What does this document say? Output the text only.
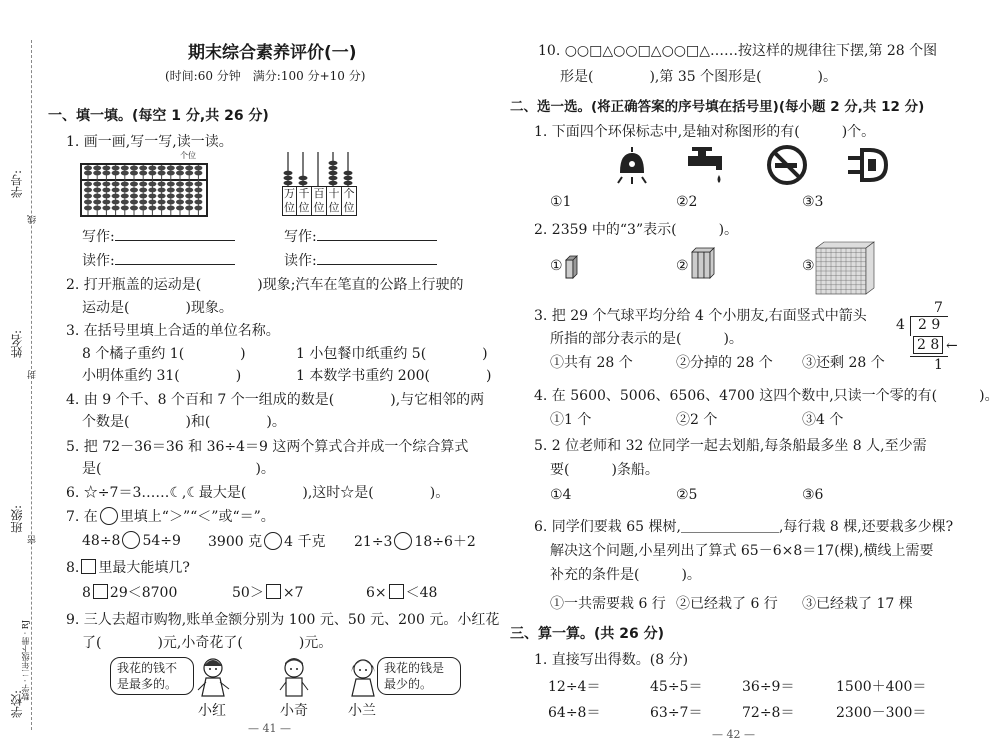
学号:
姓名:
班级:
学校:
线
封
密
数学 · 二年级下册 · RJ
期末综合素养评价(一)
(时间:60 分钟　满分:100 分+10 分)
一、填一填。(每空 1 分,共 26 分)
1. 画一画,写一写,读一读。
个位
万位
千位
百位
十位
个位
写作:
读作:
写作:
读作:
2. 打开瓶盖的运动是(　　　　)现象;汽车在笔直的公路上行驶的
运动是(　　　　)现象。
3. 在括号里填上合适的单位名称。
8 个橘子重约 1(　　　　)	1 小包餐巾纸重约 5(　　　　)
小明体重约 31(　　　　)	1 本数学书重约 200(　　　　)
4. 由 9 个千、8 个百和 7 个一组成的数是(　　　　),与它相邻的两
个数是(　　　　)和(　　　　)。
5. 把 72－36＝36 和 36÷4＝9 这两个算式合并成一个综合算式
是(　　　　　　　　　　　)。
6. ☆÷7＝3……☾,☾最大是(　　　　),这时☆是(　　　　)。
7. 在 里填上“＞”“＜”或“＝”。
48÷8 54÷9 3900 克 4 千克 21÷3 18÷6＋2
8. 里最大能填几?
8 29＜8700	50＞ ×7	6× ＜48
9. 三人去超市购物,账单金额分别为 100 元、50 元、200 元。小红花
了(　　　　)元,小奇花了(　　　　)元。
我花的钱不是最多的。
我花的钱是最少的。
小红	小奇	小兰
— 41 —
10. ○○□△○○□△○○□△……按这样的规律往下摆,第 28 个图
形是(　　　　),第 35 个图形是(　　　　)。
二、选一选。(将正确答案的序号填在括号里)(每小题 2 分,共 12 分)
1. 下面四个环保标志中,是轴对称图形的有(　　　)个。
①1	②2	③3
2. 2359 中的“3”表示(　　　)。
①	②	③
3. 把 29 个气球平均分给 4 个小朋友,右面竖式中箭头
所指的部分表示的是(　　　)。
①共有 28 个	②分掉的 28 个 ③还剩 28 个
7
4 2 9
2 8 ←
1
4. 在 5600、5006、6506、4700 这四个数中,只读一个零的有(　　　)。
①1 个	②2 个	③4 个
5. 2 位老师和 32 位同学一起去划船,每条船最多坐 8 人,至少需
要(　　　)条船。
①4	②5	③6
6. 同学们要栽 65 棵树,＿＿＿＿＿＿＿,每行栽 8 棵,还要栽多少棵?
解决这个问题,小星列出了算式 65－6×8＝17(棵),横线上需要
补充的条件是(　　　)。
①一共需要栽 6 行 ②已经栽了 6 行 ③已经栽了 17 棵
三、算一算。(共 26 分)
1. 直接写出得数。(8 分)
12÷4＝	45÷5＝	36÷9＝	1500＋400＝
64÷8＝	63÷7＝	72÷8＝	2300－300＝
— 42 —
